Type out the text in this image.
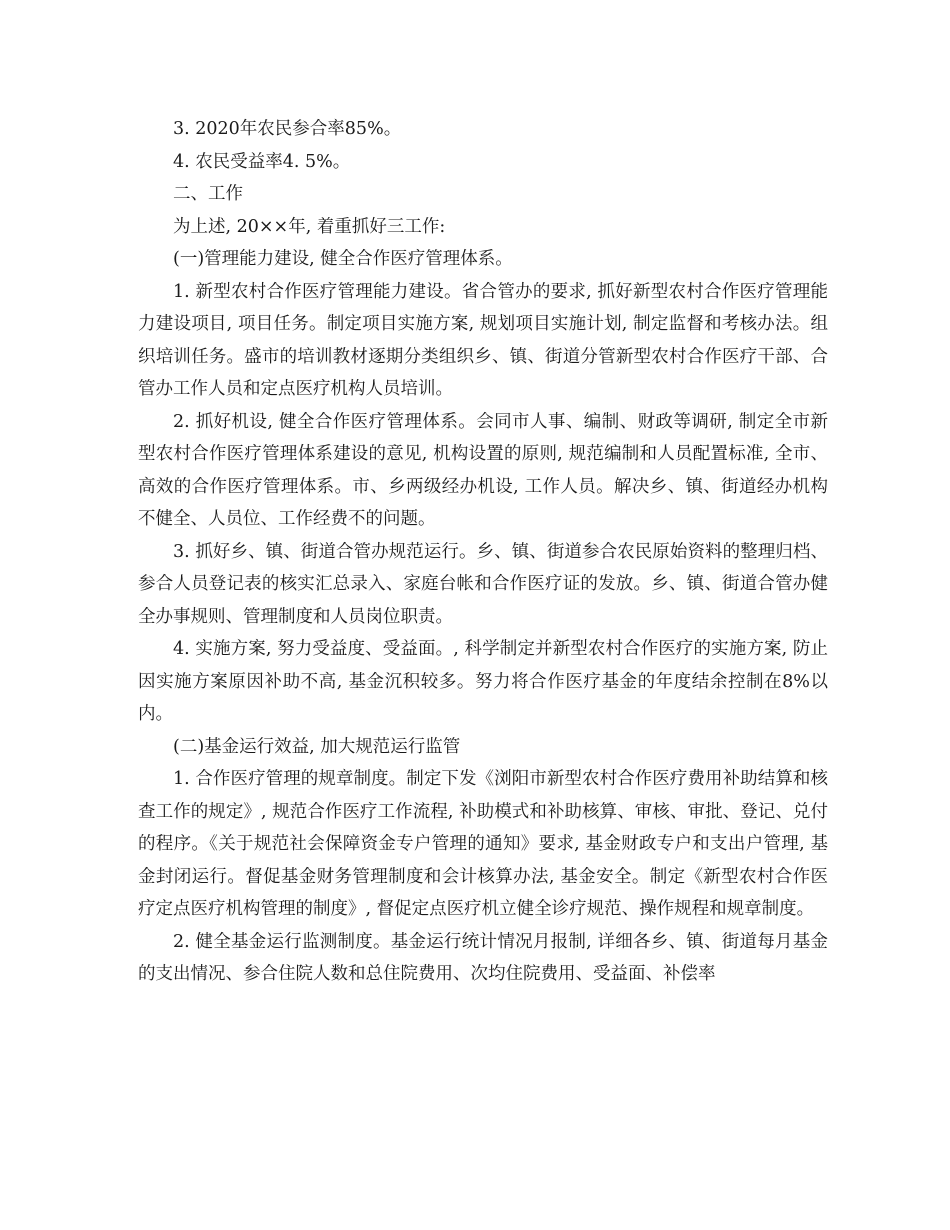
3. 2020年农民参合率85%。

4. 农民受益率4. 5%。

二、工作

为上述, 20××年, 着重抓好三工作:

(一)管理能力建设, 健全合作医疗管理体系。

1. 新型农村合作医疗管理能力建设。省合管办的要求, 抓好新型农村合作医疗管理能力建设项目, 项目任务。制定项目实施方案, 规划项目实施计划, 制定监督和考核办法。组织培训任务。盛市的培训教材逐期分类组织乡、镇、街道分管新型农村合作医疗干部、合管办工作人员和定点医疗机构人员培训。

2. 抓好机设, 健全合作医疗管理体系。会同市人事、编制、财政等调研, 制定全市新型农村合作医疗管理体系建设的意见, 机构设置的原则, 规范编制和人员配置标准, 全市、高效的合作医疗管理体系。市、乡两级经办机设, 工作人员。解决乡、镇、街道经办机构不健全、人员位、工作经费不的问题。

3. 抓好乡、镇、街道合管办规范运行。乡、镇、街道参合农民原始资料的整理归档、参合人员登记表的核实汇总录入、家庭台帐和合作医疗证的发放。乡、镇、街道合管办健全办事规则、管理制度和人员岗位职责。

4. 实施方案, 努力受益度、受益面。, 科学制定并新型农村合作医疗的实施方案, 防止因实施方案原因补助不高, 基金沉积较多。努力将合作医疗基金的年度结余控制在8%以内。

(二)基金运行效益, 加大规范运行监管

1. 合作医疗管理的规章制度。制定下发《浏阳市新型农村合作医疗费用补助结算和核查工作的规定》, 规范合作医疗工作流程, 补助模式和补助核算、审核、审批、登记、兑付的程序。《关于规范社会保障资金专户管理的通知》要求, 基金财政专户和支出户管理, 基金封闭运行。督促基金财务管理制度和会计核算办法, 基金安全。制定《新型农村合作医疗定点医疗机构管理的制度》, 督促定点医疗机立健全诊疗规范、操作规程和规章制度。

2. 健全基金运行监测制度。基金运行统计情况月报制, 详细各乡、镇、街道每月基金的支出情况、参合住院人数和总住院费用、次均住院费用、受益面、补偿率
